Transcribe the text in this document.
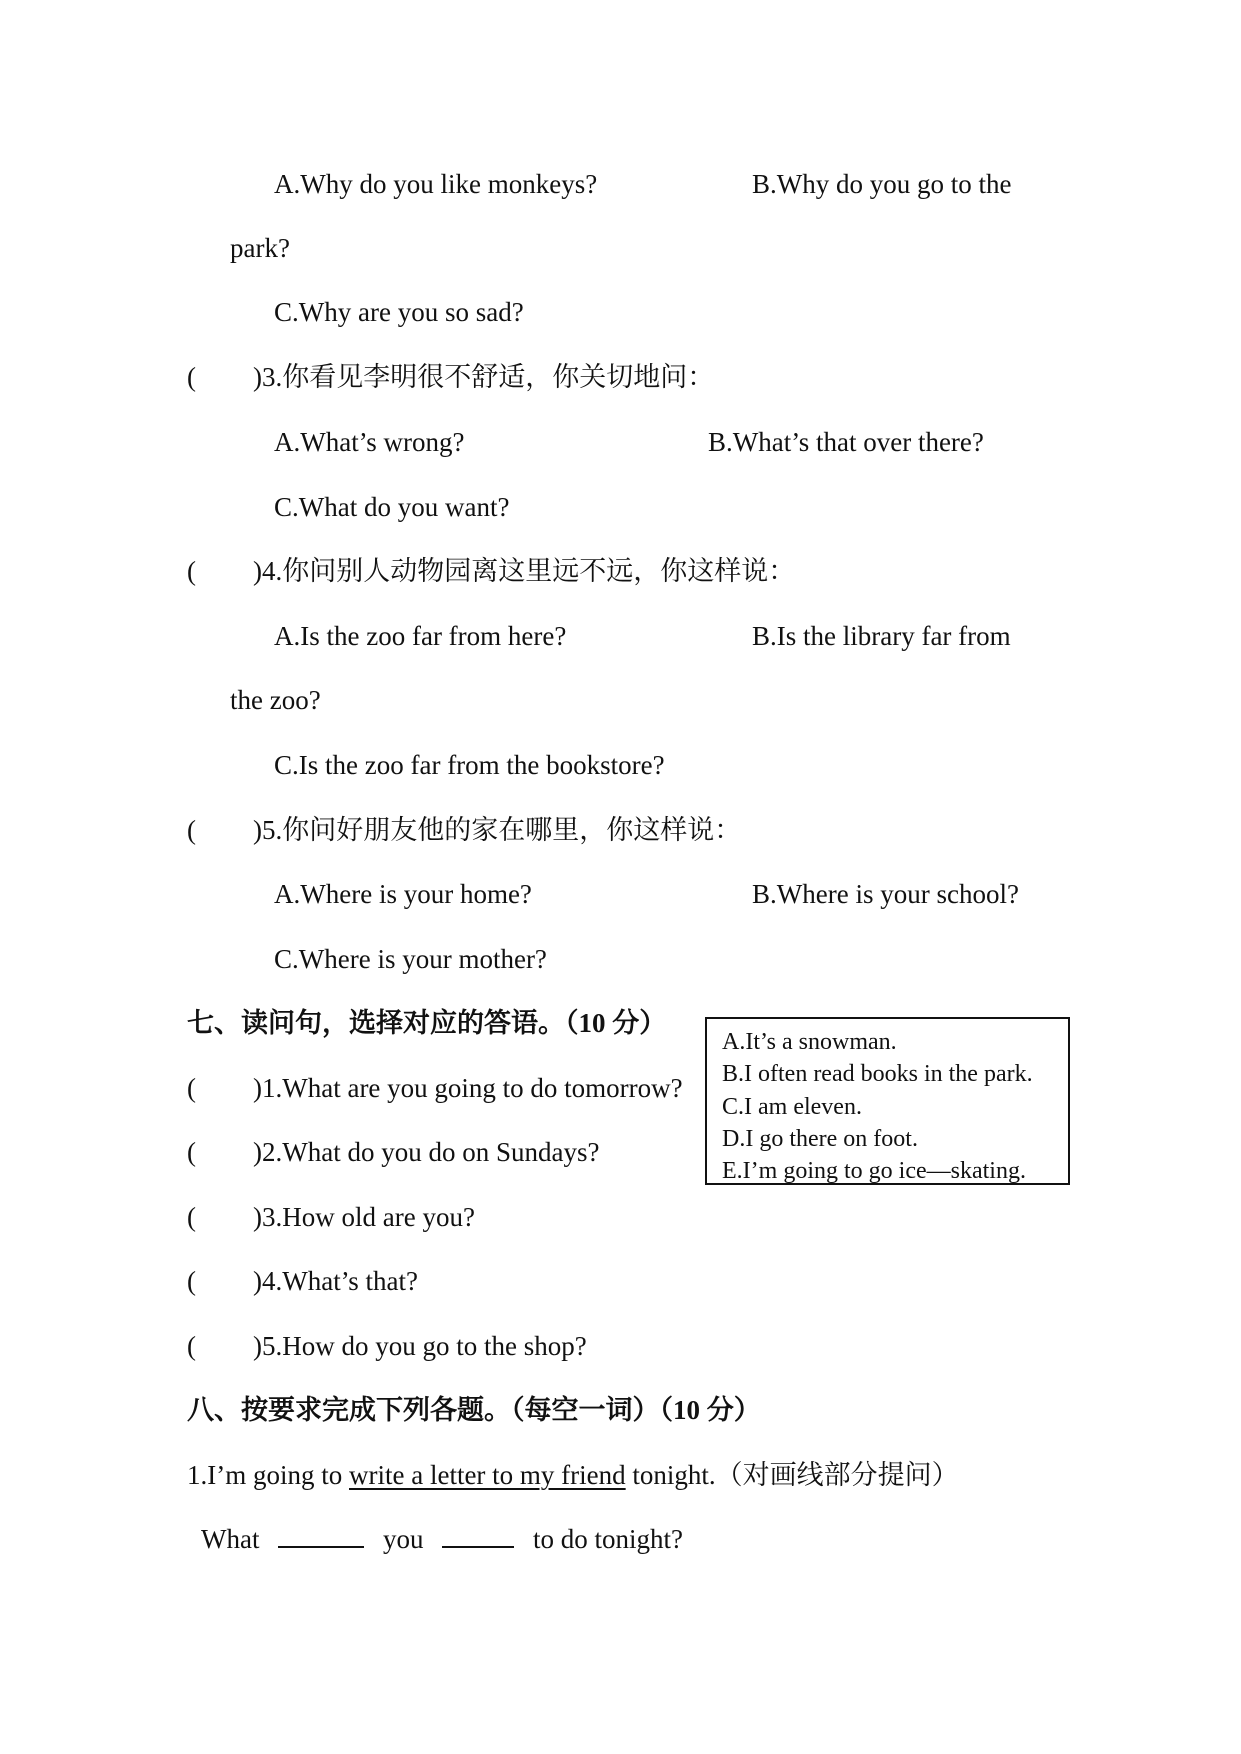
A.Why do you like monkeys?	B.Why do you go to the
park?
C.Why are you so sad?
( )3.你看见李明很不舒适，你关切地问：
A.What’s wrong?	B.What’s that over there?
C.What do you want?
( )4.你问别人动物园离这里远不远，你这样说：
A.Is the zoo far from here?	B.Is the library far from
the zoo?
C.Is the zoo far from the bookstore?
( )5.你问好朋友他的家在哪里，你这样说：
A.Where is your home?	B.Where is your school?
C.Where is your mother?
七、读问句，选择对应的答语。（10 分）
( )1.What are you going to do tomorrow?
( )2.What do you do on Sundays?
( )3.How old are you?
( )4.What’s that?
( )5.How do you go to the shop?
A.It’s a snowman.
B.I often read books in the park.
C.I am eleven.
D.I go there on foot.
E.I’m going to go ice—skating.
八、按要求完成下列各题。（每空一词）（10 分）
1.I’m going to write a letter to my friend tonight.（对画线部分提问）
What	you	to do tonight?
